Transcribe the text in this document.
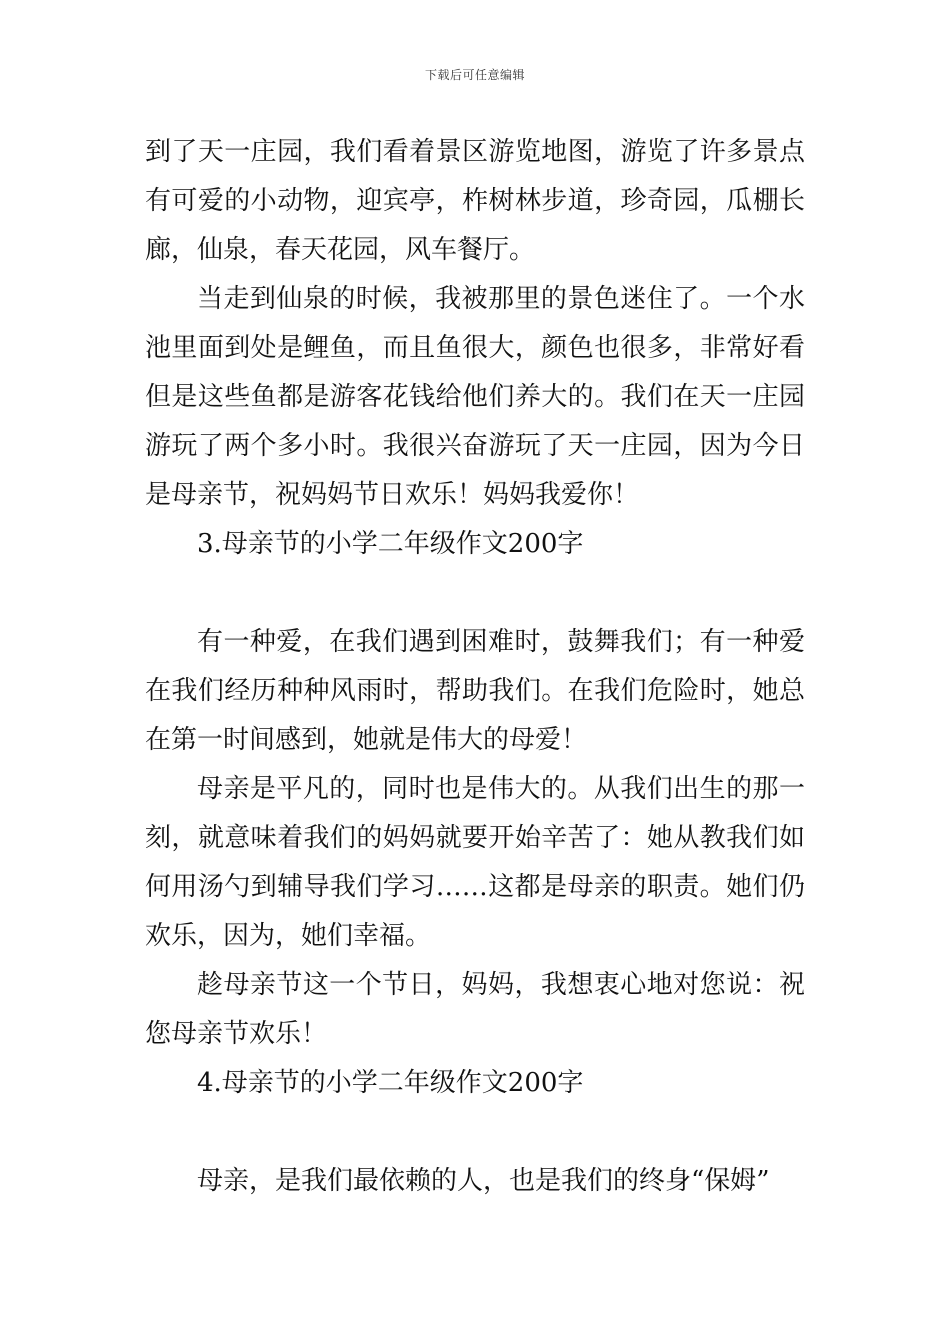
下载后可任意编辑

到了天一庄园，我们看着景区游览地图，游览了许多景点有可爱的小动物，迎宾亭，柞树林步道，珍奇园，瓜棚长廊，仙泉，春天花园，风车餐厅。

当走到仙泉的时候，我被那里的景色迷住了。一个水池里面到处是鲤鱼，而且鱼很大，颜色也很多，非常好看但是这些鱼都是游客花钱给他们养大的。我们在天一庄园游玩了两个多小时。我很兴奋游玩了天一庄园，因为今日是母亲节，祝妈妈节日欢乐！妈妈我爱你！

3.母亲节的小学二年级作文200字

有一种爱，在我们遇到困难时，鼓舞我们；有一种爱在我们经历种种风雨时，帮助我们。在我们危险时，她总在第一时间感到，她就是伟大的母爱！

母亲是平凡的，同时也是伟大的。从我们出生的那一刻，就意味着我们的妈妈就要开始辛苦了：她从教我们如何用汤勺到辅导我们学习……这都是母亲的职责。她们仍欢乐，因为，她们幸福。

趁母亲节这一个节日，妈妈，我想衷心地对您说：祝您母亲节欢乐！

4.母亲节的小学二年级作文200字

母亲，是我们最依赖的人，也是我们的终身“保姆”
